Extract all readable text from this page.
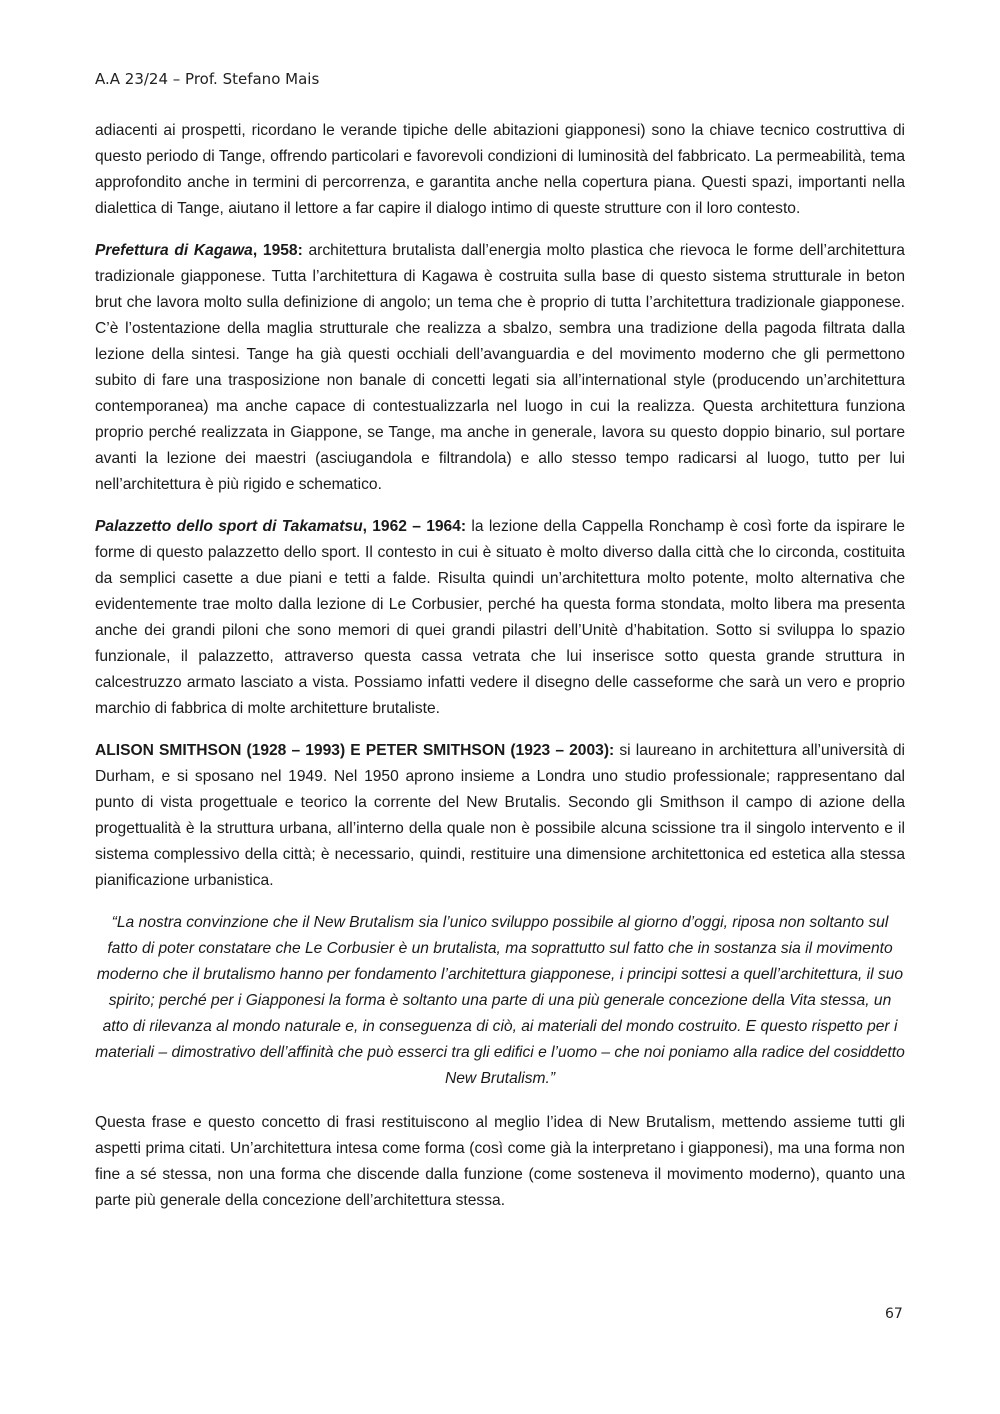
A.A 23/24 – Prof. Stefano Mais

adiacenti ai prospetti, ricordano le verande tipiche delle abitazioni giapponesi) sono la chiave tecnico costruttiva di questo periodo di Tange, offrendo particolari e favorevoli condizioni di luminosità del fabbricato. La permeabilità, tema approfondito anche in termini di percorrenza, e garantita anche nella copertura piana. Questi spazi, importanti nella dialettica di Tange, aiutano il lettore a far capire il dialogo intimo di queste strutture con il loro contesto.

Prefettura di Kagawa, 1958: architettura brutalista dall’energia molto plastica che rievoca le forme dell’architettura tradizionale giapponese. Tutta l’architettura di Kagawa è costruita sulla base di questo sistema strutturale in beton brut che lavora molto sulla definizione di angolo; un tema che è proprio di tutta l’architettura tradizionale giapponese. C’è l’ostentazione della maglia strutturale che realizza a sbalzo, sembra una tradizione della pagoda filtrata dalla lezione della sintesi. Tange ha già questi occhiali dell’avanguardia e del movimento moderno che gli permettono subito di fare una trasposizione non banale di concetti legati sia all’international style (producendo un’architettura contemporanea) ma anche capace di contestualizzarla nel luogo in cui la realizza. Questa architettura funziona proprio perché realizzata in Giappone, se Tange, ma anche in generale, lavora su questo doppio binario, sul portare avanti la lezione dei maestri (asciugandola e filtrandola) e allo stesso tempo radicarsi al luogo, tutto per lui nell’architettura è più rigido e schematico.

Palazzetto dello sport di Takamatsu, 1962 – 1964: la lezione della Cappella Ronchamp è così forte da ispirare le forme di questo palazzetto dello sport. Il contesto in cui è situato è molto diverso dalla città che lo circonda, costituita da semplici casette a due piani e tetti a falde. Risulta quindi un’architettura molto potente, molto alternativa che evidentemente trae molto dalla lezione di Le Corbusier, perché ha questa forma stondata, molto libera ma presenta anche dei grandi piloni che sono memori di quei grandi pilastri dell’Unitè d’habitation. Sotto si sviluppa lo spazio funzionale, il palazzetto, attraverso questa cassa vetrata che lui inserisce sotto questa grande struttura in calcestruzzo armato lasciato a vista. Possiamo infatti vedere il disegno delle casseforme che sarà un vero e proprio marchio di fabbrica di molte architetture brutaliste.

ALISON SMITHSON (1928 – 1993) E PETER SMITHSON (1923 – 2003): si laureano in architettura all’università di Durham, e si sposano nel 1949. Nel 1950 aprono insieme a Londra uno studio professionale; rappresentano dal punto di vista progettuale e teorico la corrente del New Brutalis. Secondo gli Smithson il campo di azione della progettualità è la struttura urbana, all’interno della quale non è possibile alcuna scissione tra il singolo intervento e il sistema complessivo della città; è necessario, quindi, restituire una dimensione architettonica ed estetica alla stessa pianificazione urbanistica.

“La nostra convinzione che il New Brutalism sia l’unico sviluppo possibile al giorno d’oggi, riposa non soltanto sul fatto di poter constatare che Le Corbusier è un brutalista, ma soprattutto sul fatto che in sostanza sia il movimento moderno che il brutalismo hanno per fondamento l’architettura giapponese, i principi sottesi a quell’architettura, il suo spirito; perché per i Giapponesi la forma è soltanto una parte di una più generale concezione della Vita stessa, un atto di rilevanza al mondo naturale e, in conseguenza di ciò, ai materiali del mondo costruito. E questo rispetto per i materiali – dimostrativo dell’affinità che può esserci tra gli edifici e l’uomo – che noi poniamo alla radice del cosiddetto New Brutalism.”

Questa frase e questo concetto di frasi restituiscono al meglio l’idea di New Brutalism, mettendo assieme tutti gli aspetti prima citati. Un’architettura intesa come forma (così come già la interpretano i giapponesi), ma una forma non fine a sé stessa, non una forma che discende dalla funzione (come sosteneva il movimento moderno), quanto una parte più generale della concezione dell’architettura stessa.

67
